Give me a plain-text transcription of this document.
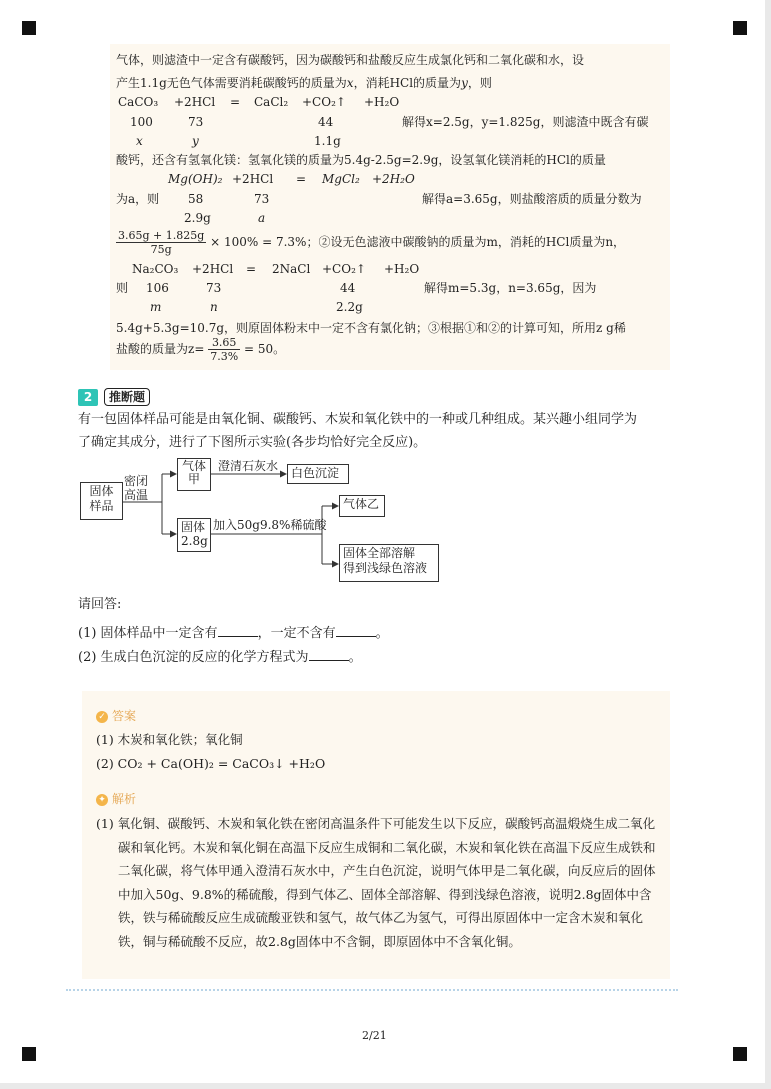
气体，则滤渣中一定含有碳酸钙，因为碳酸钙和盐酸反应生成氯化钙和二氧化碳和水，设
产生1.1g无色气体需要消耗碳酸钙的质量为x，消耗HCl的质量为y，则
CaCO₃ +2HCl = CaCl₂ +CO₂↑ +H₂O
100	73	44	解得x=2.5g，y=1.825g，则滤渣中既含有碳
x	y	1.1g
酸钙，还含有氢氧化镁：氢氧化镁的质量为5.4g-2.5g=2.9g，设氢氧化镁消耗的HCl的质量
Mg(OH)₂ +2HCl = MgCl₂ +2H₂O
为a，则 58	73	解得a=3.65g，则盐酸溶质的质量分数为
2.9g	a
$\frac{3.65g + 1.825g}{75g} \times 100\% = 7.3\%$；②设无色滤液中碳酸钠的质量为m，消耗的HCl质量为n，
Na₂CO₃ +2HCl = 2NaCl +CO₂↑ +H₂O
则 106	73	44	解得m=5.3g，n=3.65g，因为
m	n	2.2g
5.4g+5.3g=10.7g，则原固体粉末中一定不含有氯化钠；③根据①和②的计算可知，所用z g稀
盐酸的质量为$z= \frac{3.65}{7.3\%} = 50$。
2	推断题
有一包固体样品可能是由氧化铜、碳酸钙、木炭和氧化铁中的一种或几种组成。某兴趣小组同学为
了确定其成分，进行了下图所示实验(各步均恰好完全反应)。
固体
样品
密闭
高温
气体
甲
澄清石灰水	白色沉淀
固体
2.8g
加入50g9.8%稀硫酸
气体乙
固体全部溶解
得到浅绿色溶液
请回答:
(1) 固体样品中一定含有	，一定不含有	。
(2) 生成白色沉淀的反应的化学方程式为	。
✓ 答案
(1) 木炭和氧化铁；氧化铜
(2) CO₂ + Ca(OH)₂ = CaCO₃↓ +H₂O
✦ 解析
(1) 氧化铜、碳酸钙、木炭和氧化铁在密闭高温条件下可能发生以下反应，碳酸钙高温煅烧生成二氧化碳和氧化钙。木炭和氧化铜在高温下反应生成铜和二氧化碳，木炭和氧化铁在高温下反应生成铁和二氧化碳，将气体甲通入澄清石灰水中，产生白色沉淀，说明气体甲是二氧化碳，向反应后的固体中加入50g、9.8%的稀硫酸，得到气体乙、固体全部溶解、得到浅绿色溶液，说明2.8g固体中含铁，铁与稀硫酸反应生成硫酸亚铁和氢气，故气体乙为氢气，可得出原固体中一定含木炭和氧化铁，铜与稀硫酸不反应，故2.8g固体中不含铜，即原固体中不含氧化铜。
2/21
